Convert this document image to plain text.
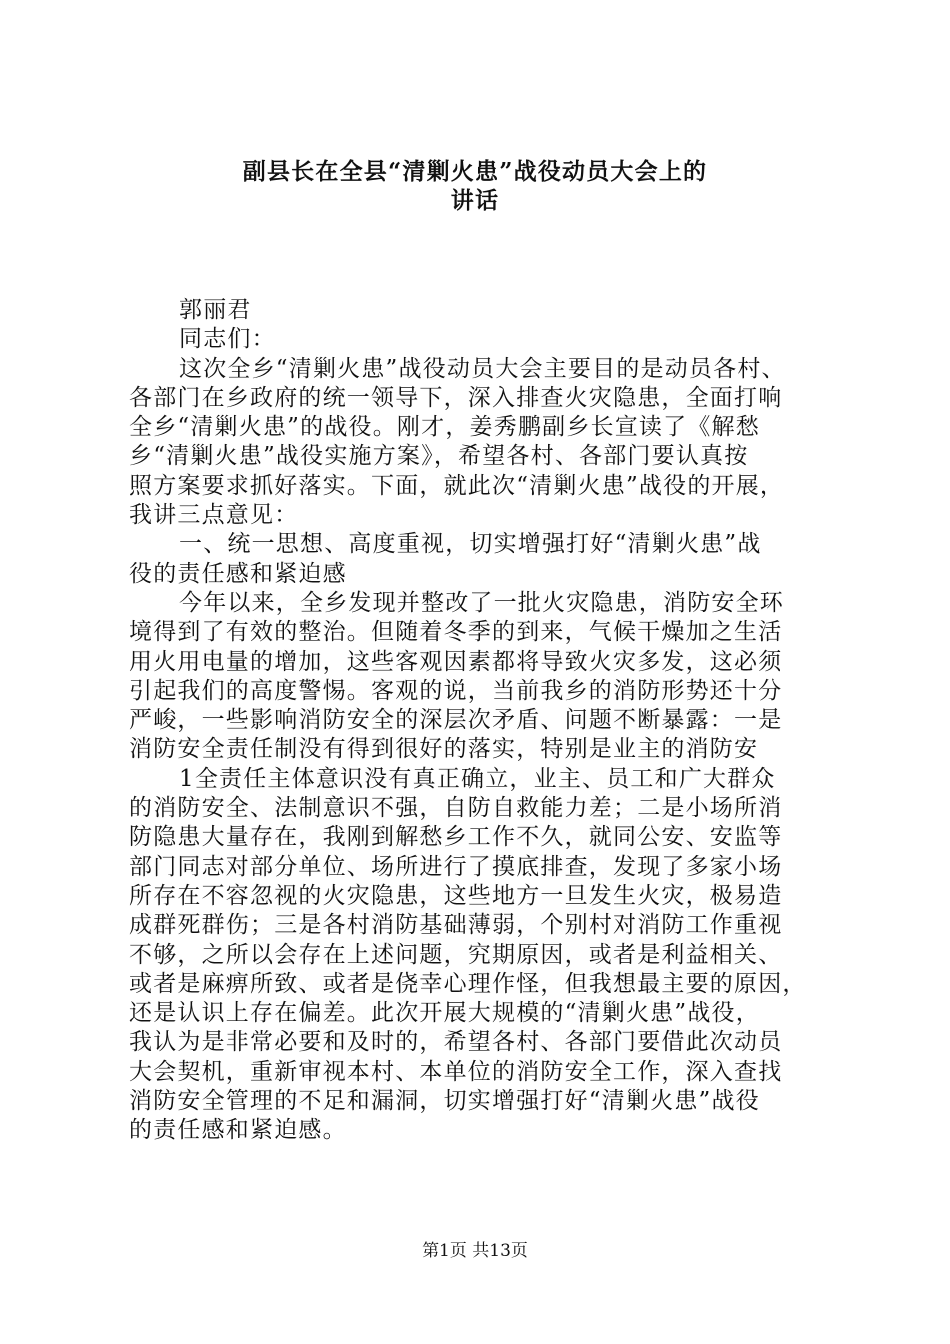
副县长在全县“清剿火患”战役动员大会上的
讲话
郭丽君
同志们：
这次全乡“清剿火患”战役动员大会主要目的是动员各村、
各部门在乡政府的统一领导下，深入排查火灾隐患，全面打响
全乡“清剿火患”的战役。刚才，姜秀鹏副乡长宣读了《解愁
乡“清剿火患”战役实施方案》，希望各村、各部门要认真按
照方案要求抓好落实。下面，就此次“清剿火患”战役的开展，
我讲三点意见：
一、统一思想、高度重视，切实增强打好“清剿火患”战
役的责任感和紧迫感
今年以来，全乡发现并整改了一批火灾隐患，消防安全环
境得到了有效的整治。但随着冬季的到来，气候干燥加之生活
用火用电量的增加，这些客观因素都将导致火灾多发，这必须
引起我们的高度警惕。客观的说，当前我乡的消防形势还十分
严峻，一些影响消防安全的深层次矛盾、问题不断暴露：一是
消防安全责任制没有得到很好的落实，特别是业主的消防安
1全责任主体意识没有真正确立，业主、员工和广大群众
的消防安全、法制意识不强，自防自救能力差；二是小场所消
防隐患大量存在，我刚到解愁乡工作不久，就同公安、安监等
部门同志对部分单位、场所进行了摸底排查，发现了多家小场
所存在不容忽视的火灾隐患，这些地方一旦发生火灾，极易造
成群死群伤；三是各村消防基础薄弱，个别村对消防工作重视
不够，之所以会存在上述问题，究期原因，或者是利益相关、
或者是麻痹所致、或者是侥幸心理作怪，但我想最主要的原因，
还是认识上存在偏差。此次开展大规模的“清剿火患”战役，
我认为是非常必要和及时的，希望各村、各部门要借此次动员
大会契机，重新审视本村、本单位的消防安全工作，深入查找
消防安全管理的不足和漏洞，切实增强打好“清剿火患”战役
的责任感和紧迫感。
第1页 共13页
